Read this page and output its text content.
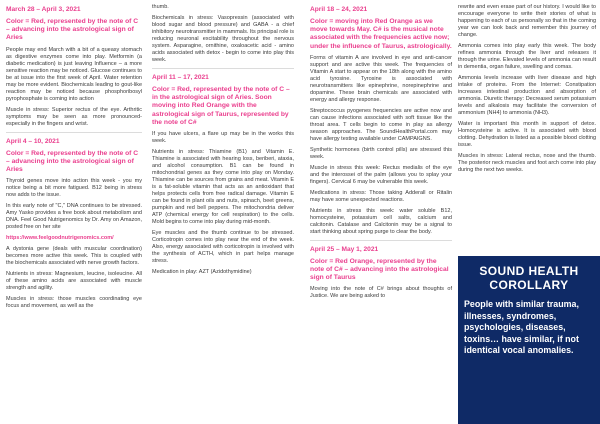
March 28 – April 3, 2021
Color = Red, represented by the note of C – advancing into the astrological sign of Aries

People may end March with a bit of a queasy stomach as digestive enzymes come into play. Metformin (a diabetic medication) is just leaving Influence – a more sensitive reaction may be noticed. Glucose continues to be at issue into the first week of April. Water retention may be more evident. Biochemicals leading to gout-like reaction may be noticed because phosphoribosyl pyrophosphate is coming into action

Muscle in stress: Superior rectus of the eye. Arthritic symptoms may be seen as more pronounced- especially in the fingers and wrist.

April 4 – 10, 2021
Color = Red, represented by the note of C – advancing into the astrological sign of Aries

Thyroid genes move into action this week - you my notice being a bit more fatigued. B12 being in stress now adds to the issue.

In this early note of "C," DNA continues to be stressed. Amy Yasko provides a free book about metabolism and DNA. Feel Good Nutrigenomics by Dr. Amy on Amazon, posted free on her site

https://www.feelgoodnutrigenomics.com/

A dystonia gene (deals with muscular coordination) becomes more active this week. This is coupled with the biochemicals associated with nerve growth factors.

Nutrients in stress: Magnesium, leucine, isoleucine. All of these amino acids are associated with muscle strength and agility.

Muscles in stress: those muscles coordinating eye focus and movement, as well as the

thumb.

Biochemicals in stress: Vasopressin (associated with blood sugar and blood pressure) and GABA - a chief inhibitory neurotransmitter in mammals. Its principal role is reducing neuronal excitability throughout the nervous system. Asparagine, ornithine, oxaloacetic acid - amino acids associated with detox - begin to come into play this week.

April 11 – 17, 2021
Color = Red, represented by the note of C – in the astrological sign of Aries. Soon moving into Red Orange with the astrological sign of Taurus, represented by the note of C#

If you have ulcers, a flare up may be in the works this week.

Nutrients in stress: Thiamine (B1) and Vitamin E. Thiamine is associated with hearing loss, beriberi, ataxia, and alcohol consumption. B1 can be found in mitochondrial genes as they come into play on Monday. Thiamine can be sources from grains and meat. Vitamin E is a fat-soluble vitamin that acts as an antioxidant that helps protects cells from free radical damage. Vitamin E can be found in plant oils and nuts, spinach, beet greens, pumpkin and red bell peppers. The mitochondria deliver ATP (chemical energy for cell respiration) to the cells. Mold begins to come into play during mid-month.

Eye muscles and the thumb continue to be stressed. Corticotropin comes into play near the end of the week. Also, energy associated with corticotropin is involved with the synthesis of ACTH, which in part helps manage stress.

Medication in play: AZT (Azidothymidine)

April 18 – 24, 2021
Color = moving into Red Orange as we move towards May. C# is the musical note associated with the frequencies active now; under the influence of Taurus, astrologically.

Forms of vitamin A are involved in eye and anti-cancer support and are active this week. The frequencies of Vitamin A start to appear on the 18th along with the amino acid tyrosine. Tyrosine is associated with neurotransmitters like epinephrine, norepinephrine and dopamine. These brain chemicals are associated with energy and allergy response.

Streptococcus pyogenes frequencies are active now and can cause infections associated with soft tissue like the throat area. T cells begin to come in play as allergy season approaches. The SoundHealthPortal.com may have allergy testing available under CAMPAIGNS.

Synthetic hormones (birth control pills) are stressed this week.

Muscle in stress this week: Rectus medialis of the eye and the interossei of the palm (allows you to splay your fingers). Cervical 6 may be vulnerable this week.

Medications in stress: Those taking Adderall or Ritalin may have some unexpected reactions.

Nutrients in stress this week: water soluble B12, homocysteine, potassium cell salts, calcium and calcitonin. Catalase and Calcitonin may be a signal to start thinking about spring purge to clear the body.

April 25 – May 1, 2021
Color = Red Orange, represented by the note of C# – advancing into the astrological sign of Taurus

Moving into the note of C# brings about thoughts of Justice. We are being asked to

rewrite and even erase part of our history. I would like to encourage everyone to write their stories of what is happening to each of us personally so that in the coming year we can look back and remember this journey of change.

Ammonia comes into play early this week. The body refines ammonia through the liver and releases it through the urine. Elevated levels of ammonia can result in dementia, organ failure, swelling and comas.

Ammonia levels increase with liver disease and high intake of proteins. From the Internet: Constipation increases intestinal production and absorption of ammonia. Diuretic therapy: Decreased serum potassium levels and alkalosis may facilitate the conversion of ammonium (NH4) to ammonia (NH3).

Water is important this month in support of detox. Homocysteine is active. It is associated with blood clotting. Dehydration is listed as a possible blood clotting issue.

Muscles in stress: Lateral rectus, nose and the thumb. The posterior neck muscles and foot arch come into play during the next two weeks.

SOUND HEALTH COROLLARY
People with similar trauma, illnesses, syndromes, psychologies, diseases, toxins… have similar, if not identical vocal anomalies.
